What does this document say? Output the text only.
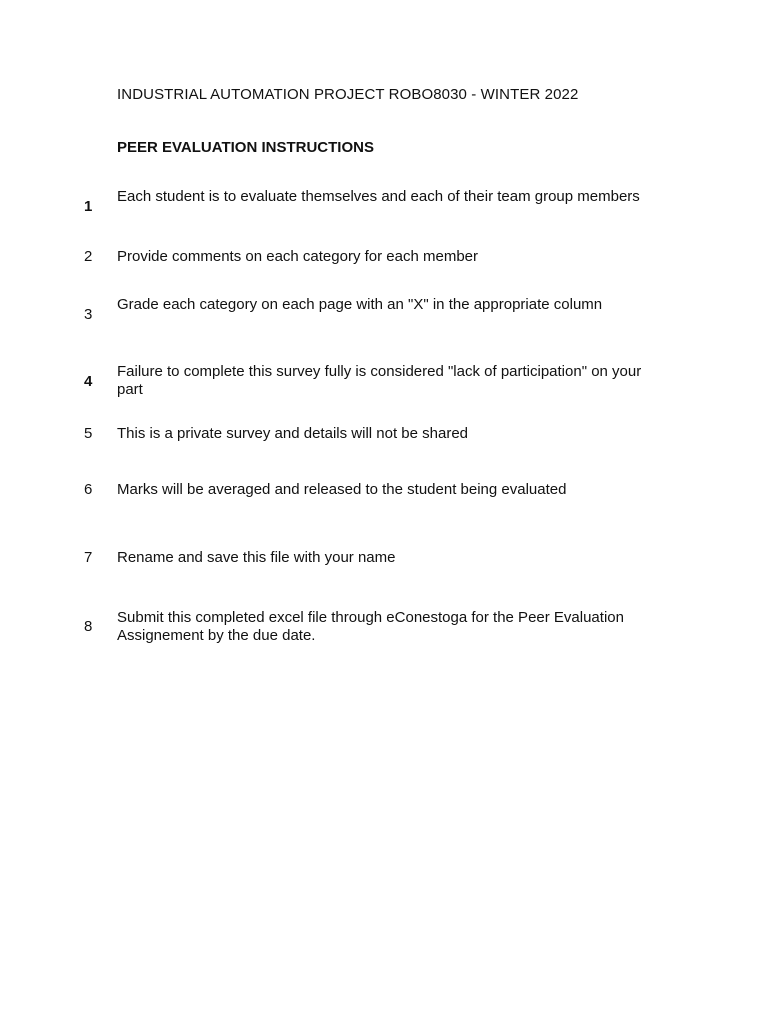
INDUSTRIAL AUTOMATION PROJECT ROBO8030 - WINTER 2022
PEER EVALUATION INSTRUCTIONS
1
Each student is to evaluate themselves and each of their team group members
2	Provide comments on each category for each member
3
Grade each category on each page with an "X" in the appropriate column
4
Failure to complete this survey fully is considered "lack of participation" on your part
5	This is a private survey and details will not be shared
6	Marks will be averaged and released to the student being evaluated
7	Rename and save this file with your name
8
Submit this completed excel file through eConestoga for the Peer Evaluation Assignement by the due date.
